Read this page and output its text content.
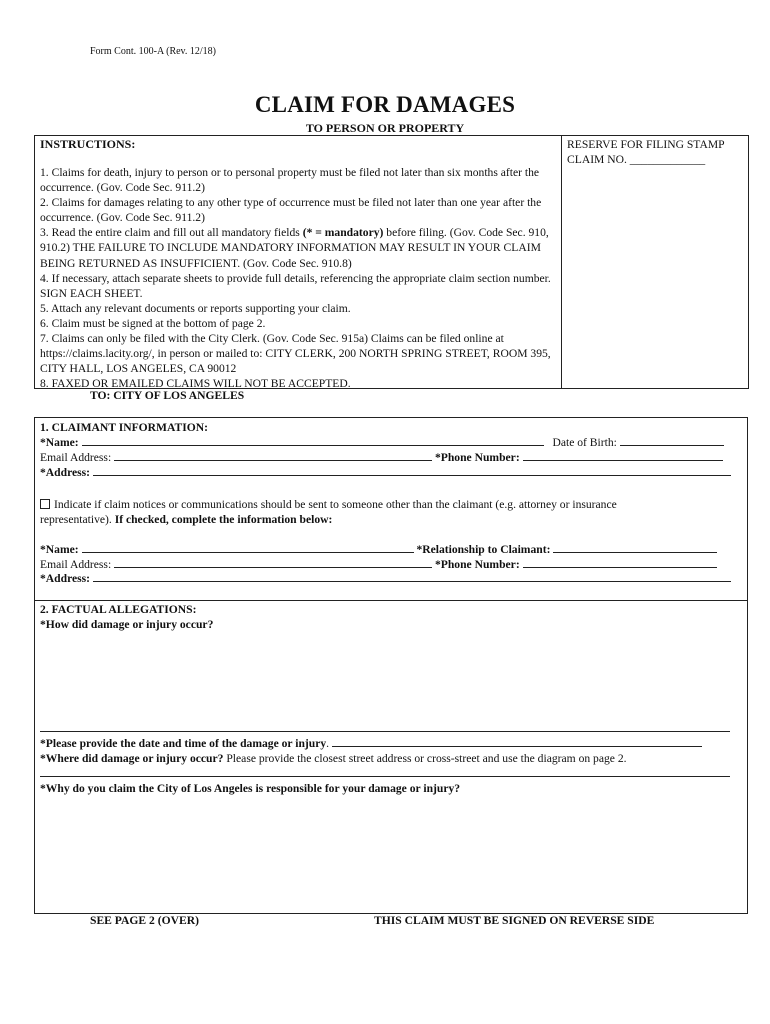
Form Cont. 100-A (Rev. 12/18)
CLAIM FOR DAMAGES
TO PERSON OR PROPERTY
INSTRUCTIONS:
1. Claims for death, injury to person or to personal property must be filed not later than six months after the occurrence. (Gov. Code Sec. 911.2)
2. Claims for damages relating to any other type of occurrence must be filed not later than one year after the occurrence. (Gov. Code Sec. 911.2)
3. Read the entire claim and fill out all mandatory fields (* = mandatory) before filing. (Gov. Code Sec. 910, 910.2) THE FAILURE TO INCLUDE MANDATORY INFORMATION MAY RESULT IN YOUR CLAIM BEING RETURNED AS INSUFFICIENT. (Gov. Code Sec. 910.8)
4. If necessary, attach separate sheets to provide full details, referencing the appropriate claim section number. SIGN EACH SHEET.
5. Attach any relevant documents or reports supporting your claim.
6. Claim must be signed at the bottom of page 2.
7. Claims can only be filed with the City Clerk. (Gov. Code Sec. 915a) Claims can be filed online at https://claims.lacity.org/, in person or mailed to: CITY CLERK, 200 NORTH SPRING STREET, ROOM 395, CITY HALL, LOS ANGELES, CA 90012
8. FAXED OR EMAILED CLAIMS WILL NOT BE ACCEPTED.
RESERVE FOR FILING STAMP
CLAIM NO. _____________
TO: CITY OF LOS ANGELES
1. CLAIMANT INFORMATION:
*Name:	Date of Birth:
Email Address:	*Phone Number:
*Address:
Indicate if claim notices or communications should be sent to someone other than the claimant (e.g. attorney or insurance
representative). If checked, complete the information below:
*Name:	*Relationship to Claimant:
Email Address:	*Phone Number:
*Address:
2. FACTUAL ALLEGATIONS:
*How did damage or injury occur?
*Please provide the date and time of the damage or injury.
*Where did damage or injury occur? Please provide the closest street address or cross-street and use the diagram on page 2.
*Why do you claim the City of Los Angeles is responsible for your damage or injury?
SEE PAGE 2 (OVER)	THIS CLAIM MUST BE SIGNED ON REVERSE SIDE
